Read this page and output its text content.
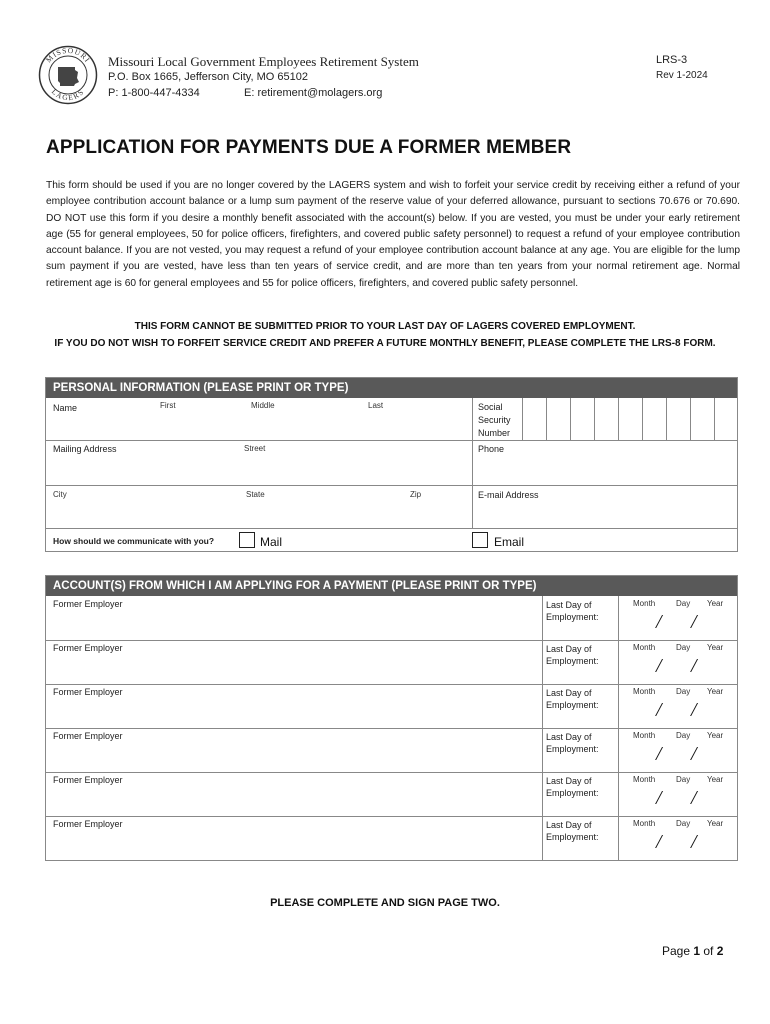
MISSOURI
LAGERS
Missouri Local Government Employees Retirement System
P.O. Box 1665, Jefferson City, MO 65102
P: 1-800-447-4334	E: retirement@molagers.org
LRS-3
Rev 1-2024
APPLICATION FOR PAYMENTS DUE A FORMER MEMBER
This form should be used if you are no longer covered by the LAGERS system and wish to forfeit your service credit by receiving either a refund of your employee contribution account balance or a lump sum payment of the reserve value of your deferred allowance, pursuant to sections 70.676 or 70.690. DO NOT use this form if you desire a monthly benefit associated with the account(s) below. If you are vested, you must be under your early retirement age (55 for general employees, 50 for police officers, firefighters, and covered public safety personnel) to request a refund of your employee contribution account balance. If you are not vested, you may request a refund of your employee contribution account balance at any age. You are eligible for the lump sum payment if you are vested, have less than ten years of service credit, and are more than ten years from your normal retirement age. Normal retirement age is 60 for general employees and 55 for police officers, firefighters, and covered public safety personnel.
THIS FORM CANNOT BE SUBMITTED PRIOR TO YOUR LAST DAY OF LAGERS COVERED EMPLOYMENT.
IF YOU DO NOT WISH TO FORFEIT SERVICE CREDIT AND PREFER A FUTURE MONTHLY BENEFIT, PLEASE COMPLETE THE LRS-8 FORM.
PERSONAL INFORMATION (PLEASE PRINT OR TYPE)
Name	First	Middle	Last	Social
Security
Number
Mailing Address	Street	Phone
City	State	Zip	E-mail Address
How should we communicate with you?	Mail	Email
ACCOUNT(S) FROM WHICH I AM APPLYING FOR A PAYMENT (PLEASE PRINT OR TYPE)
Former Employer	Last Day of
Employment:
Month	Day Year
/ /
Former Employer	Last Day of
Employment:
Month	Day Year
/ /
Former Employer	Last Day of
Employment:
Month	Day Year
/ /
Former Employer	Last Day of
Employment:
Month	Day Year
/ /
Former Employer	Last Day of
Employment:
Month	Day Year
/ /
Former Employer	Last Day of
Employment:
Month	Day Year
/ /
PLEASE COMPLETE AND SIGN PAGE TWO.
Page 1 of 2
